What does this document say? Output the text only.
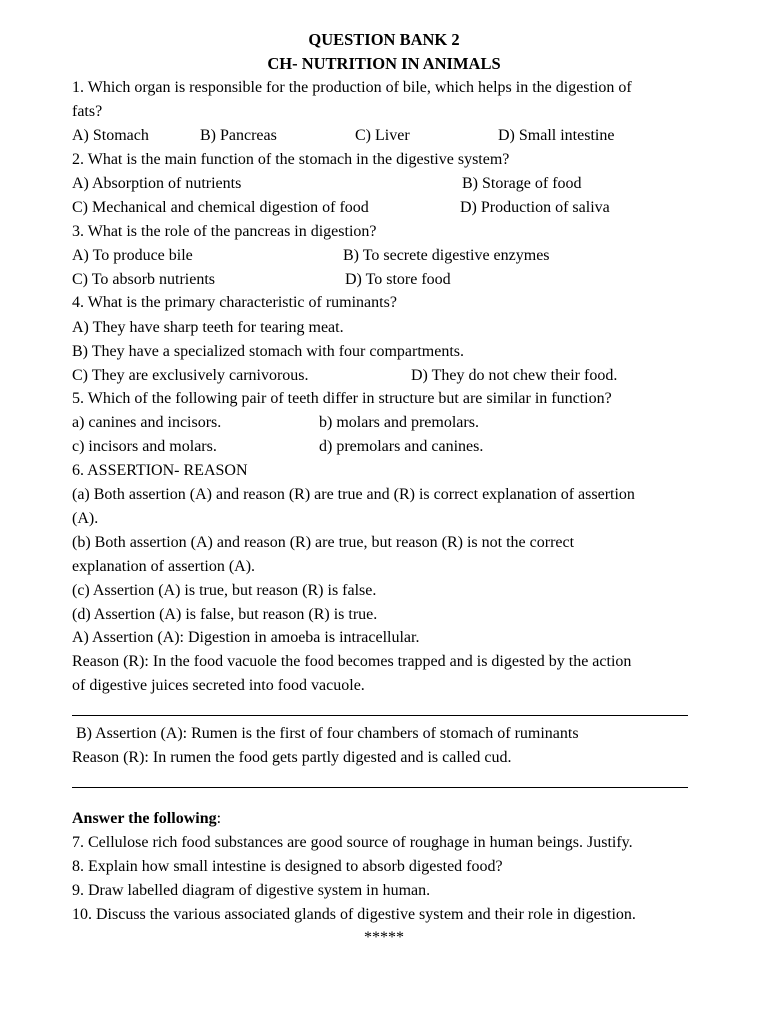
QUESTION BANK 2
CH- NUTRITION IN ANIMALS
1. Which organ is responsible for the production of bile, which helps in the digestion of
fats?
A) Stomach	B) Pancreas	C) Liver	D) Small intestine
2. What is the main function of the stomach in the digestive system?
A) Absorption of nutrients	B) Storage of food
C) Mechanical and chemical digestion of food	D) Production of saliva
3. What is the role of the pancreas in digestion?
A) To produce bile	B) To secrete digestive enzymes
C) To absorb nutrients	D) To store food
4. What is the primary characteristic of ruminants?
A) They have sharp teeth for tearing meat.
B) They have a specialized stomach with four compartments.
C) They are exclusively carnivorous.	D) They do not chew their food.
5. Which of the following pair of teeth differ in structure but are similar in function?
a) canines and incisors.	b) molars and premolars.
c) incisors and molars.	d) premolars and canines.
6. ASSERTION- REASON
(a) Both assertion (A) and reason (R) are true and (R) is correct explanation of assertion
(A).
(b) Both assertion (A) and reason (R) are true, but reason (R) is not the correct
explanation of assertion (A).
(c) Assertion (A) is true, but reason (R) is false.
(d) Assertion (A) is false, but reason (R) is true.
A) Assertion (A): Digestion in amoeba is intracellular.
Reason (R): In the food vacuole the food becomes trapped and is digested by the action
of digestive juices secreted into food vacuole.
B) Assertion (A): Rumen is the first of four chambers of stomach of ruminants
Reason (R): In rumen the food gets partly digested and is called cud.
Answer the following:
7. Cellulose rich food substances are good source of roughage in human beings. Justify.
8. Explain how small intestine is designed to absorb digested food?
9. Draw labelled diagram of digestive system in human.
10. Discuss the various associated glands of digestive system and their role in digestion.
*****
